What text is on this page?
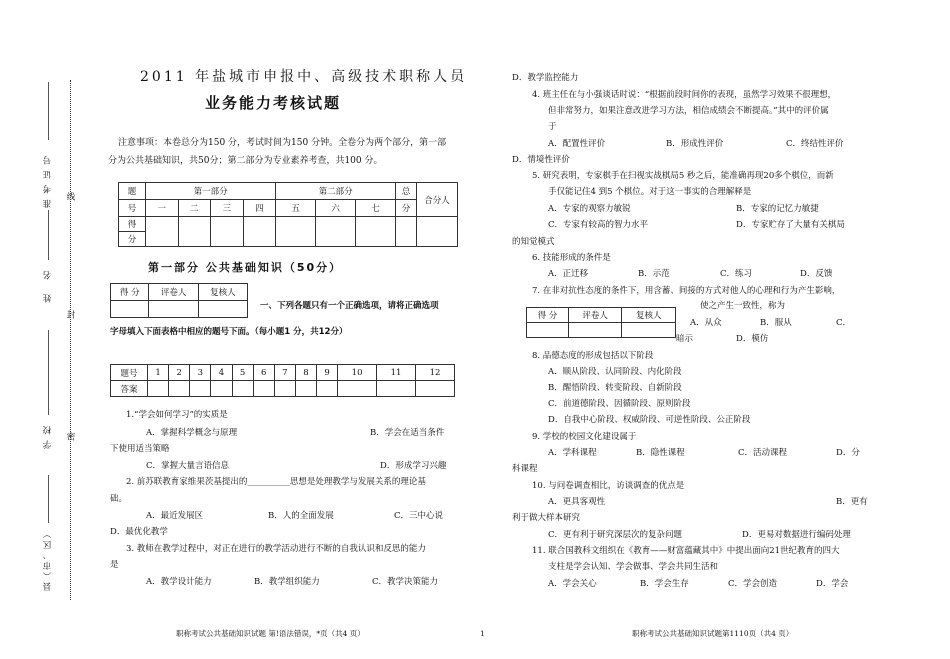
准考证号 线
姓 名
封
学校 密
县（市、区）
2011 年盐城市申报中、高级技术职称人员
业务能力考核试题
注意事项：本卷总分为150 分，考试时间为150 分钟。全卷分为两个部分，第一部
分为公共基础知识，共50分；第二部分为专业素养考查，共100 分。
题	第一部分				第二部分			总	合分人
号	一	二	三	四	五	六	七	分	
得									
分									
第一部分 公共基础知识（50分）
得 分	评卷人	复核人

一、下列各题只有一个正确选项，请将正确选项
字母填入下面表格中相应的题号下面。（每小题1 分，共12分）
题号	1	2	3	4	5	6	7	8	9	10	11	12
答案												
1.“学会如何学习”的实质是
A．掌握科学概念与原理	B．学会在适当条件
下使用适当策略
C．掌握大量言语信息	D．形成学习兴趣
2. 前苏联教育家维果茨基提出的__________思想是处理教学与发展关系的理论基
础。
A．最近发展区	B．人的全面发展	C．三中心说
D．最优化教学
3. 教师在教学过程中，对正在进行的教学活动进行不断的自我认识和反思的能力
是
A．教学设计能力	B．教学组织能力	C．教学决策能力
D．教学监控能力
4. 班主任在与小强谈话时说：“根据前段时间你的表现，虽然学习效果不很理想，
但非常努力，如果注意改进学习方法，相信成绩会不断提高。”其中的评价属
于
A．配置性评价	B．形成性评价	C．终结性评价
D．情境性评价
5. 研究表明，专家棋手在扫视实战棋局5 秒之后，能准确再现20多个棋位，而新
手仅能记住4 到5 个棋位。对于这一事实的合理解释是
A．专家的观察力敏锐	B．专家的记忆力敏捷
C．专家有较高的智力水平	D．专家贮存了大量有关棋局
的知觉模式
6. 技能形成的条件是
A．正迁移	B．示范	C．练习	D．反馈
7. 在非对抗性态度的条件下，用含蓄、间接的方式对他人的心理和行为产生影响，
使之产生一致性，称为
得 分	评卷人	复核人

A．从众	B．服从	C．
暗示	D．模仿
8. 品德态度的形成包括以下阶段
A．顺从阶段、认同阶段、内化阶段
B．醒悟阶段、转变阶段、自新阶段
C．前道德阶段、因循阶段、原则阶段
D．自我中心阶段、权威阶段、可逆性阶段、公正阶段
9. 学校的校园文化建设属于
A．学科课程	B．隐性课程	C．活动课程	D．分
科课程
10. 与问卷调查相比，访谈调查的优点是
A．更具客观性	B．更有
利于做大样本研究
C．更有利于研究深层次的复杂问题	D．更易对数据进行编码处理
11. 联合国教科文组织在《教育——财富蕴藏其中》中提出面向21世纪教育的四大
支柱是学会认知、学会做事、学会共同生活和
A．学会关心	B．学会生存	C．学会创造	D．学会
职称考试公共基础知识试题 第!语法错误，*页（共4 页）	1	职称考试公共基础知识试题第1110页（共4 页）
